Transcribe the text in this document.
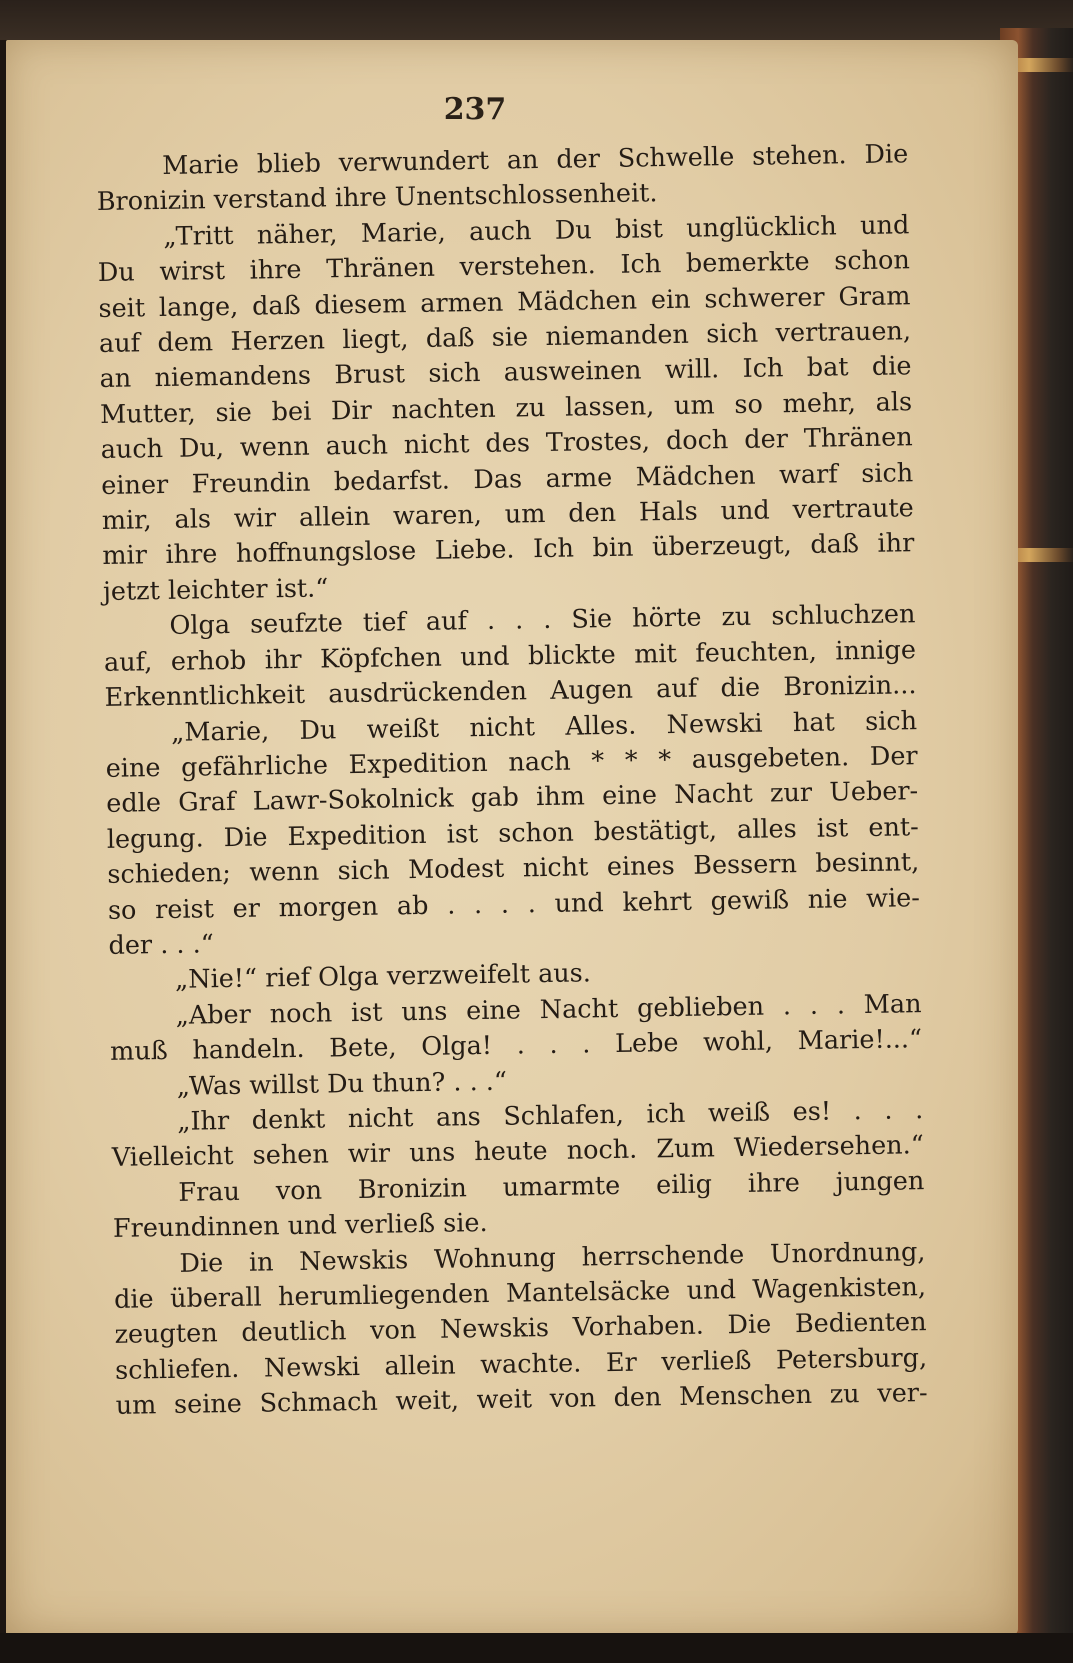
237
Marie blieb verwundert an der Schwelle stehen. Die
Bronizin verstand ihre Unentschlossenheit.
„Tritt näher, Marie, auch Du bist unglücklich und
Du wirst ihre Thränen verstehen. Ich bemerkte schon
seit lange, daß diesem armen Mädchen ein schwerer Gram
auf dem Herzen liegt, daß sie niemanden sich vertrauen,
an niemandens Brust sich ausweinen will. Ich bat die
Mutter, sie bei Dir nachten zu lassen, um so mehr, als
auch Du, wenn auch nicht des Trostes, doch der Thränen
einer Freundin bedarfst. Das arme Mädchen warf sich
mir, als wir allein waren, um den Hals und vertraute
mir ihre hoffnungslose Liebe. Ich bin überzeugt, daß ihr
jetzt leichter ist.“
Olga seufzte tief auf . . . Sie hörte zu schluchzen
auf, erhob ihr Köpfchen und blickte mit feuchten, innige
Erkenntlichkeit ausdrückenden Augen auf die Bronizin...
„Marie, Du weißt nicht Alles. Newski hat sich
eine gefährliche Expedition nach * * * ausgebeten. Der
edle Graf Lawr-Sokolnick gab ihm eine Nacht zur Ueber-
legung. Die Expedition ist schon bestätigt, alles ist ent-
schieden; wenn sich Modest nicht eines Bessern besinnt,
so reist er morgen ab . . . . und kehrt gewiß nie wie-
der . . .“
„Nie!“ rief Olga verzweifelt aus.
„Aber noch ist uns eine Nacht geblieben . . . Man
muß handeln. Bete, Olga! . . . Lebe wohl, Marie!...“
„Was willst Du thun? . . .“
„Ihr denkt nicht ans Schlafen, ich weiß es! . . .
Vielleicht sehen wir uns heute noch. Zum Wiedersehen.“
Frau von Bronizin umarmte eilig ihre jungen
Freundinnen und verließ sie.
Die in Newskis Wohnung herrschende Unordnung,
die überall herumliegenden Mantelsäcke und Wagenkisten,
zeugten deutlich von Newskis Vorhaben. Die Bedienten
schliefen. Newski allein wachte. Er verließ Petersburg,
um seine Schmach weit, weit von den Menschen zu ver-
